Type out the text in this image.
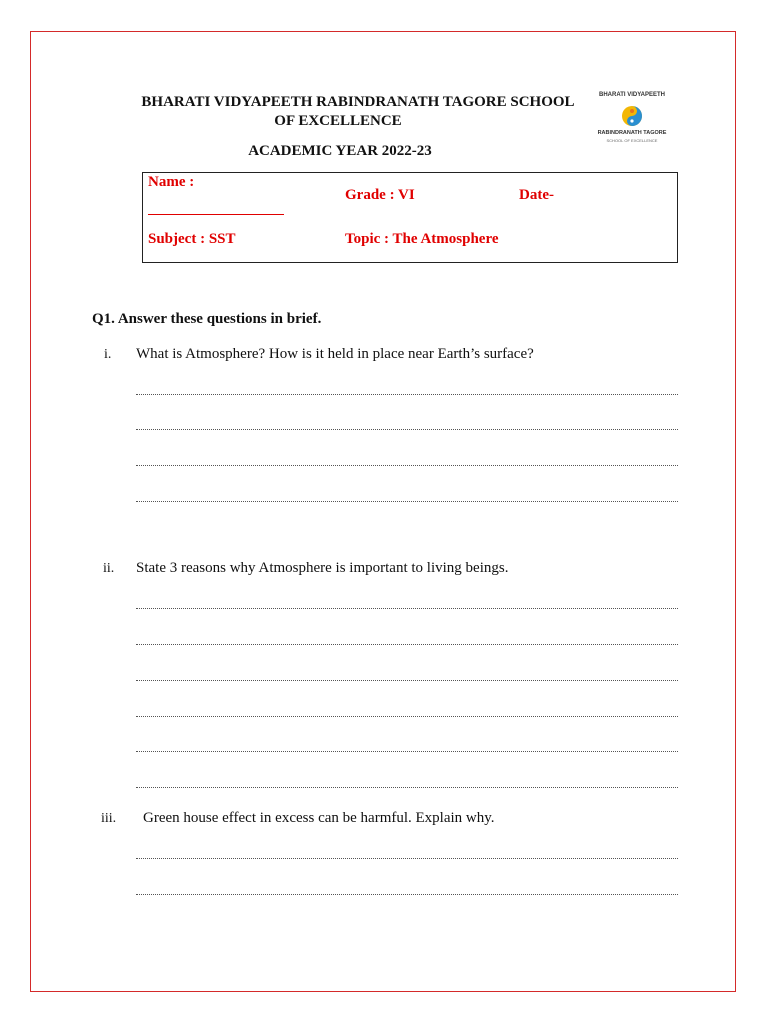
BHARATI VIDYAPEETH RABINDRANATH TAGORE SCHOOL
OF EXCELLENCE
ACADEMIC YEAR 2022-23
BHARATI VIDYAPEETH
RABINDRANATH TAGORE
SCHOOL OF EXCELLENCE
Name :
Grade : VI	Date-
Subject : SST	Topic : The Atmosphere
Q1. Answer these questions in brief.
i. What is Atmosphere? How is it held in place near Earth’s surface?
ii. State 3 reasons why Atmosphere is important to living beings.
iii. Green house effect in excess can be harmful. Explain why.
